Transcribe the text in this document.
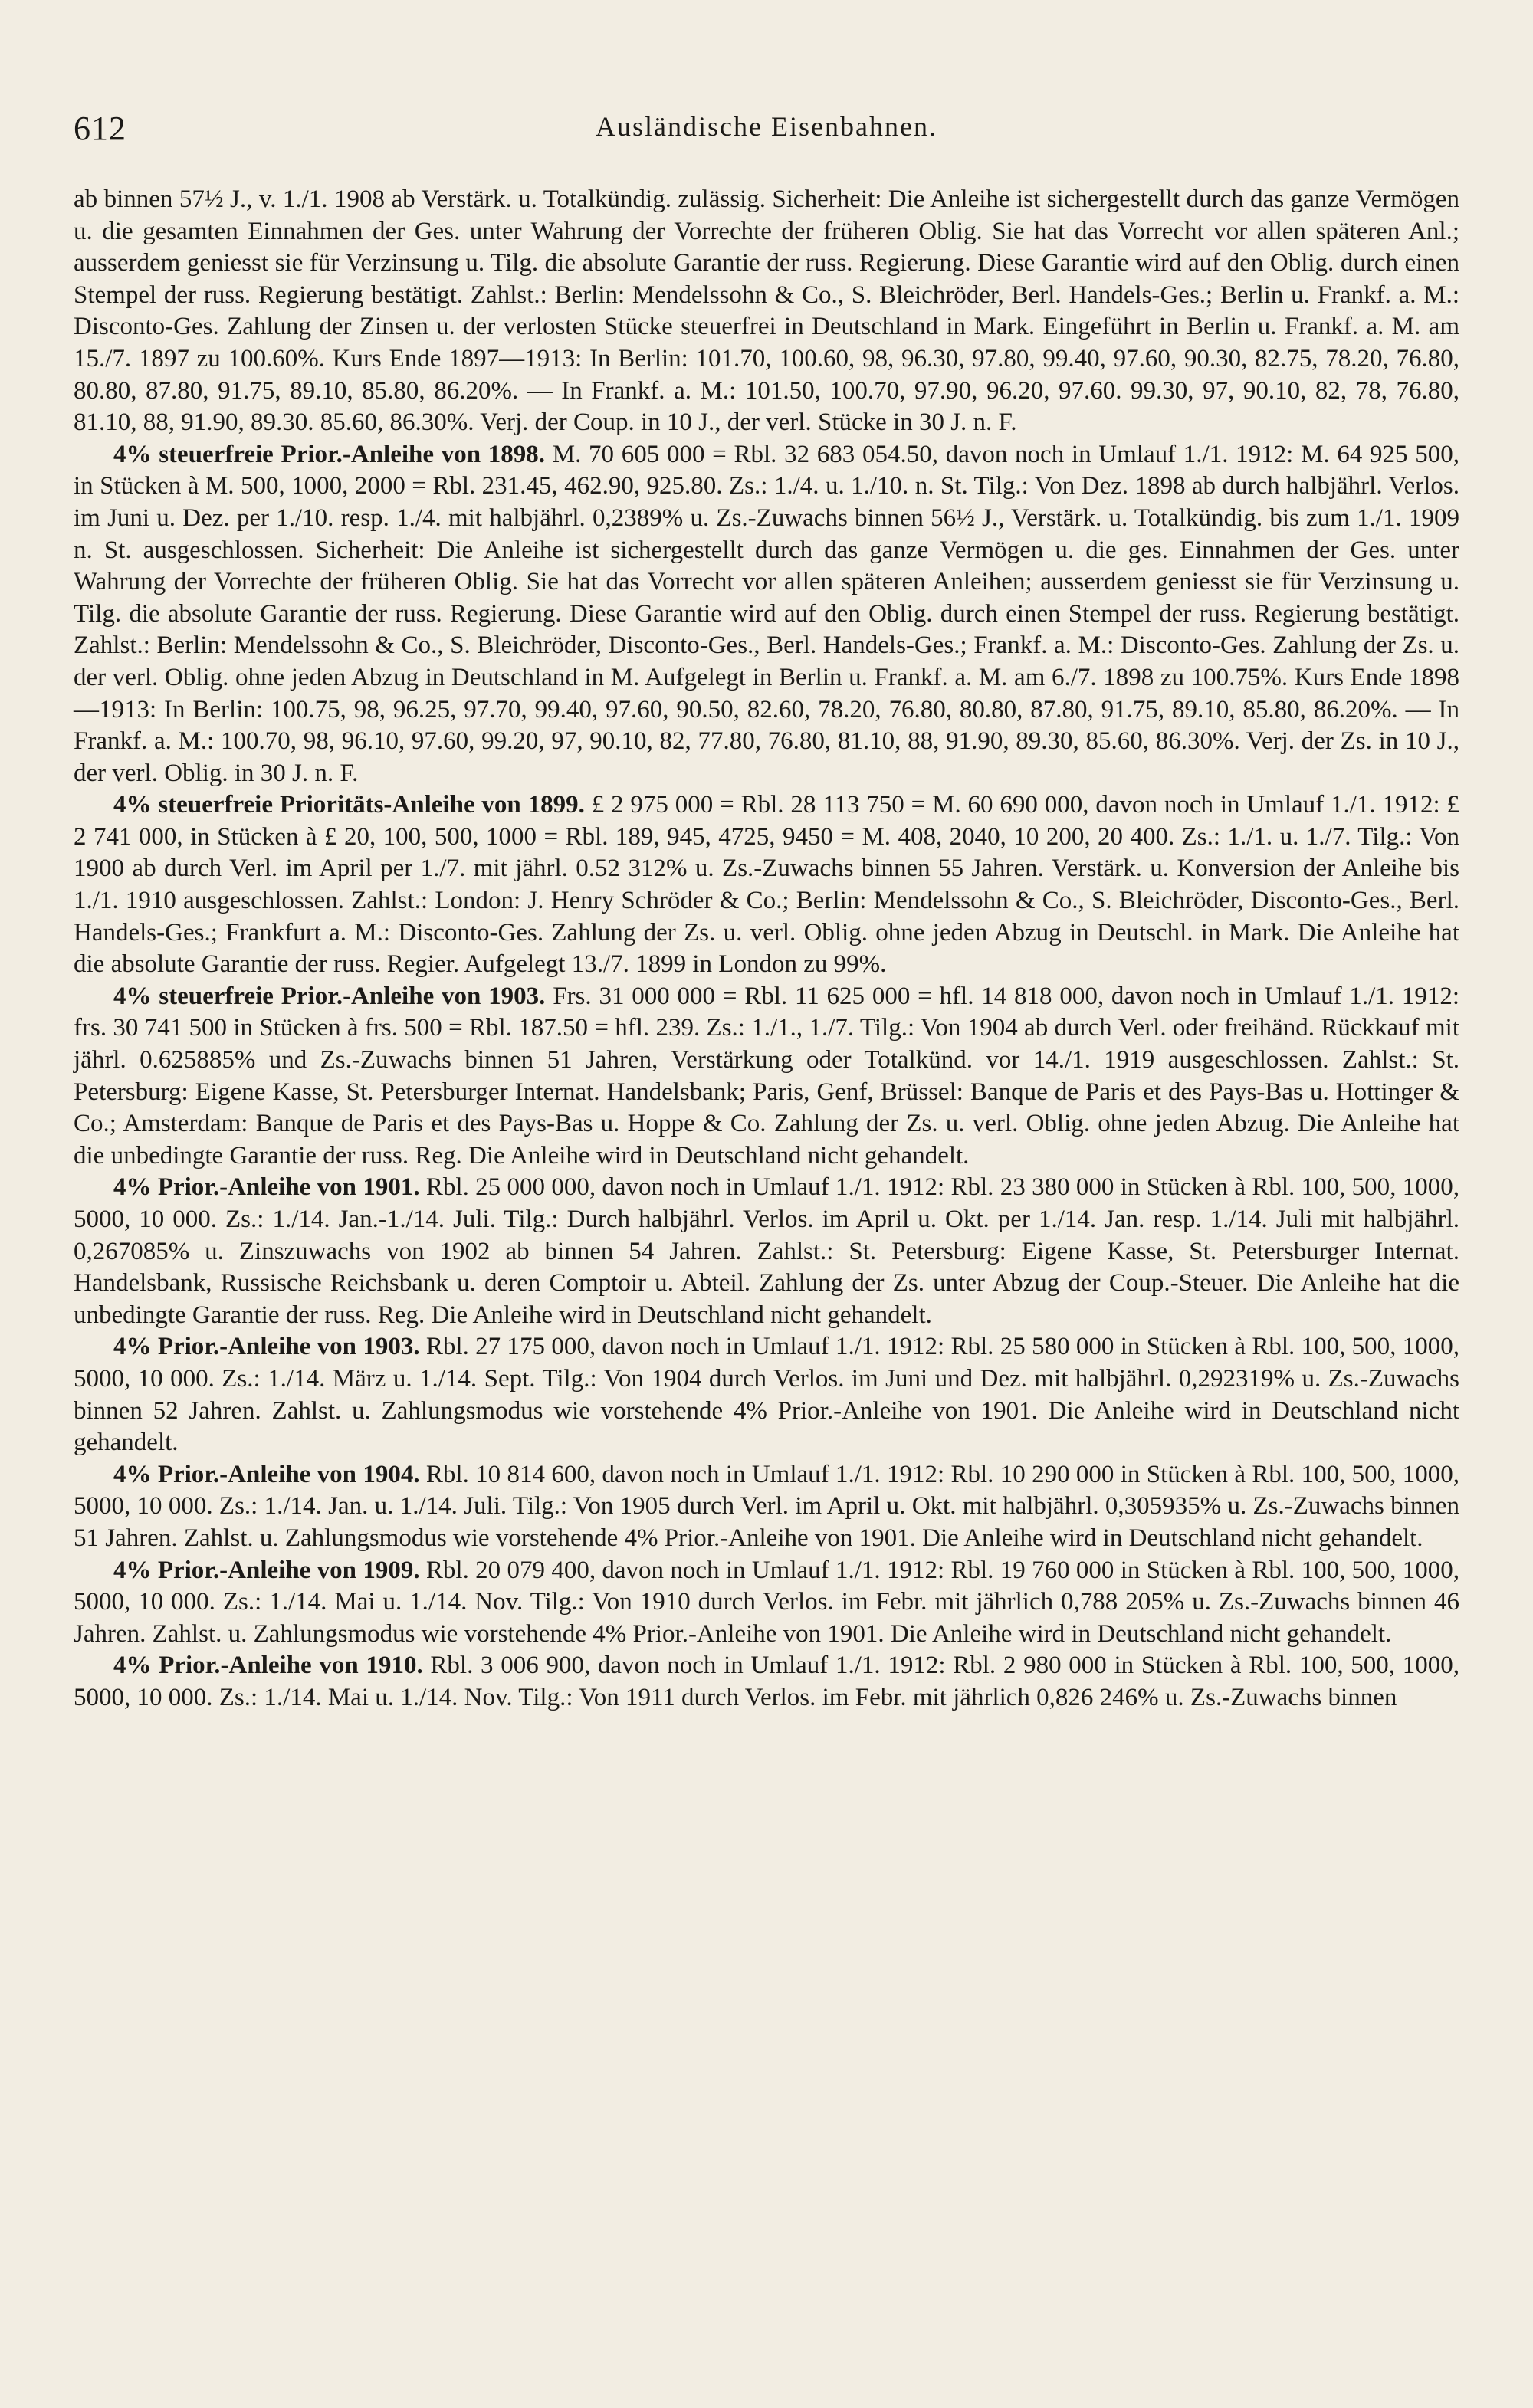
612	Ausländische Eisenbahnen.

ab binnen 57½ J., v. 1./1. 1908 ab Verstärk. u. Totalkündig. zulässig. Sicherheit: Die Anleihe ist sichergestellt durch das ganze Vermögen u. die gesamten Einnahmen der Ges. unter Wahrung der Vorrechte der früheren Oblig. Sie hat das Vorrecht vor allen späteren Anl.; ausserdem geniesst sie für Verzinsung u. Tilg. die absolute Garantie der russ. Regierung. Diese Garantie wird auf den Oblig. durch einen Stempel der russ. Regierung bestätigt. Zahlst.: Berlin: Mendelssohn & Co., S. Bleichröder, Berl. Handels-Ges.; Berlin u. Frankf. a. M.: Disconto-Ges. Zahlung der Zinsen u. der verlosten Stücke steuerfrei in Deutschland in Mark. Eingeführt in Berlin u. Frankf. a. M. am 15./7. 1897 zu 100.60%. Kurs Ende 1897—1913: In Berlin: 101.70, 100.60, 98, 96.30, 97.80, 99.40, 97.60, 90.30, 82.75, 78.20, 76.80, 80.80, 87.80, 91.75, 89.10, 85.80, 86.20%. — In Frankf. a. M.: 101.50, 100.70, 97.90, 96.20, 97.60. 99.30, 97, 90.10, 82, 78, 76.80, 81.10, 88, 91.90, 89.30. 85.60, 86.30%. Verj. der Coup. in 10 J., der verl. Stücke in 30 J. n. F.

4% steuerfreie Prior.-Anleihe von 1898. M. 70 605 000 = Rbl. 32 683 054.50, davon noch in Umlauf 1./1. 1912: M. 64 925 500, in Stücken à M. 500, 1000, 2000 = Rbl. 231.45, 462.90, 925.80. Zs.: 1./4. u. 1./10. n. St. Tilg.: Von Dez. 1898 ab durch halbjährl. Verlos. im Juni u. Dez. per 1./10. resp. 1./4. mit halbjährl. 0,2389% u. Zs.-Zuwachs binnen 56½ J., Verstärk. u. Totalkündig. bis zum 1./1. 1909 n. St. ausgeschlossen. Sicherheit: Die Anleihe ist sichergestellt durch das ganze Vermögen u. die ges. Einnahmen der Ges. unter Wahrung der Vorrechte der früheren Oblig. Sie hat das Vorrecht vor allen späteren Anleihen; ausserdem geniesst sie für Verzinsung u. Tilg. die absolute Garantie der russ. Regierung. Diese Garantie wird auf den Oblig. durch einen Stempel der russ. Regierung bestätigt. Zahlst.: Berlin: Mendelssohn & Co., S. Bleichröder, Disconto-Ges., Berl. Handels-Ges.; Frankf. a. M.: Disconto-Ges. Zahlung der Zs. u. der verl. Oblig. ohne jeden Abzug in Deutschland in M. Aufgelegt in Berlin u. Frankf. a. M. am 6./7. 1898 zu 100.75%. Kurs Ende 1898—1913: In Berlin: 100.75, 98, 96.25, 97.70, 99.40, 97.60, 90.50, 82.60, 78.20, 76.80, 80.80, 87.80, 91.75, 89.10, 85.80, 86.20%. — In Frankf. a. M.: 100.70, 98, 96.10, 97.60, 99.20, 97, 90.10, 82, 77.80, 76.80, 81.10, 88, 91.90, 89.30, 85.60, 86.30%. Verj. der Zs. in 10 J., der verl. Oblig. in 30 J. n. F.

4% steuerfreie Prioritäts-Anleihe von 1899. £ 2 975 000 = Rbl. 28 113 750 = M. 60 690 000, davon noch in Umlauf 1./1. 1912: £ 2 741 000, in Stücken à £ 20, 100, 500, 1000 = Rbl. 189, 945, 4725, 9450 = M. 408, 2040, 10 200, 20 400. Zs.: 1./1. u. 1./7. Tilg.: Von 1900 ab durch Verl. im April per 1./7. mit jährl. 0.52 312% u. Zs.-Zuwachs binnen 55 Jahren. Verstärk. u. Konversion der Anleihe bis 1./1. 1910 ausgeschlossen. Zahlst.: London: J. Henry Schröder & Co.; Berlin: Mendelssohn & Co., S. Bleichröder, Disconto-Ges., Berl. Handels-Ges.; Frankfurt a. M.: Disconto-Ges. Zahlung der Zs. u. verl. Oblig. ohne jeden Abzug in Deutschl. in Mark. Die Anleihe hat die absolute Garantie der russ. Regier. Aufgelegt 13./7. 1899 in London zu 99%.

4% steuerfreie Prior.-Anleihe von 1903. Frs. 31 000 000 = Rbl. 11 625 000 = hfl. 14 818 000, davon noch in Umlauf 1./1. 1912: frs. 30 741 500 in Stücken à frs. 500 = Rbl. 187.50 = hfl. 239. Zs.: 1./1., 1./7. Tilg.: Von 1904 ab durch Verl. oder freihänd. Rückkauf mit jährl. 0.625885% und Zs.-Zuwachs binnen 51 Jahren, Verstärkung oder Totalkünd. vor 14./1. 1919 ausgeschlossen. Zahlst.: St. Petersburg: Eigene Kasse, St. Petersburger Internat. Handelsbank; Paris, Genf, Brüssel: Banque de Paris et des Pays-Bas u. Hottinger & Co.; Amsterdam: Banque de Paris et des Pays-Bas u. Hoppe & Co. Zahlung der Zs. u. verl. Oblig. ohne jeden Abzug. Die Anleihe hat die unbedingte Garantie der russ. Reg. Die Anleihe wird in Deutschland nicht gehandelt.

4% Prior.-Anleihe von 1901. Rbl. 25 000 000, davon noch in Umlauf 1./1. 1912: Rbl. 23 380 000 in Stücken à Rbl. 100, 500, 1000, 5000, 10 000. Zs.: 1./14. Jan.-1./14. Juli. Tilg.: Durch halbjährl. Verlos. im April u. Okt. per 1./14. Jan. resp. 1./14. Juli mit halbjährl. 0,267085% u. Zinszuwachs von 1902 ab binnen 54 Jahren. Zahlst.: St. Petersburg: Eigene Kasse, St. Petersburger Internat. Handelsbank, Russische Reichsbank u. deren Comptoir u. Abteil. Zahlung der Zs. unter Abzug der Coup.-Steuer. Die Anleihe hat die unbedingte Garantie der russ. Reg. Die Anleihe wird in Deutschland nicht gehandelt.

4% Prior.-Anleihe von 1903. Rbl. 27 175 000, davon noch in Umlauf 1./1. 1912: Rbl. 25 580 000 in Stücken à Rbl. 100, 500, 1000, 5000, 10 000. Zs.: 1./14. März u. 1./14. Sept. Tilg.: Von 1904 durch Verlos. im Juni und Dez. mit halbjährl. 0,292319% u. Zs.-Zuwachs binnen 52 Jahren. Zahlst. u. Zahlungsmodus wie vorstehende 4% Prior.-Anleihe von 1901. Die Anleihe wird in Deutschland nicht gehandelt.

4% Prior.-Anleihe von 1904. Rbl. 10 814 600, davon noch in Umlauf 1./1. 1912: Rbl. 10 290 000 in Stücken à Rbl. 100, 500, 1000, 5000, 10 000. Zs.: 1./14. Jan. u. 1./14. Juli. Tilg.: Von 1905 durch Verl. im April u. Okt. mit halbjährl. 0,305935% u. Zs.-Zuwachs binnen 51 Jahren. Zahlst. u. Zahlungsmodus wie vorstehende 4% Prior.-Anleihe von 1901. Die Anleihe wird in Deutschland nicht gehandelt.

4% Prior.-Anleihe von 1909. Rbl. 20 079 400, davon noch in Umlauf 1./1. 1912: Rbl. 19 760 000 in Stücken à Rbl. 100, 500, 1000, 5000, 10 000. Zs.: 1./14. Mai u. 1./14. Nov. Tilg.: Von 1910 durch Verlos. im Febr. mit jährlich 0,788 205% u. Zs.-Zuwachs binnen 46 Jahren. Zahlst. u. Zahlungsmodus wie vorstehende 4% Prior.-Anleihe von 1901. Die Anleihe wird in Deutschland nicht gehandelt.

4% Prior.-Anleihe von 1910. Rbl. 3 006 900, davon noch in Umlauf 1./1. 1912: Rbl. 2 980 000 in Stücken à Rbl. 100, 500, 1000, 5000, 10 000. Zs.: 1./14. Mai u. 1./14. Nov. Tilg.: Von 1911 durch Verlos. im Febr. mit jährlich 0,826 246% u. Zs.-Zuwachs binnen
